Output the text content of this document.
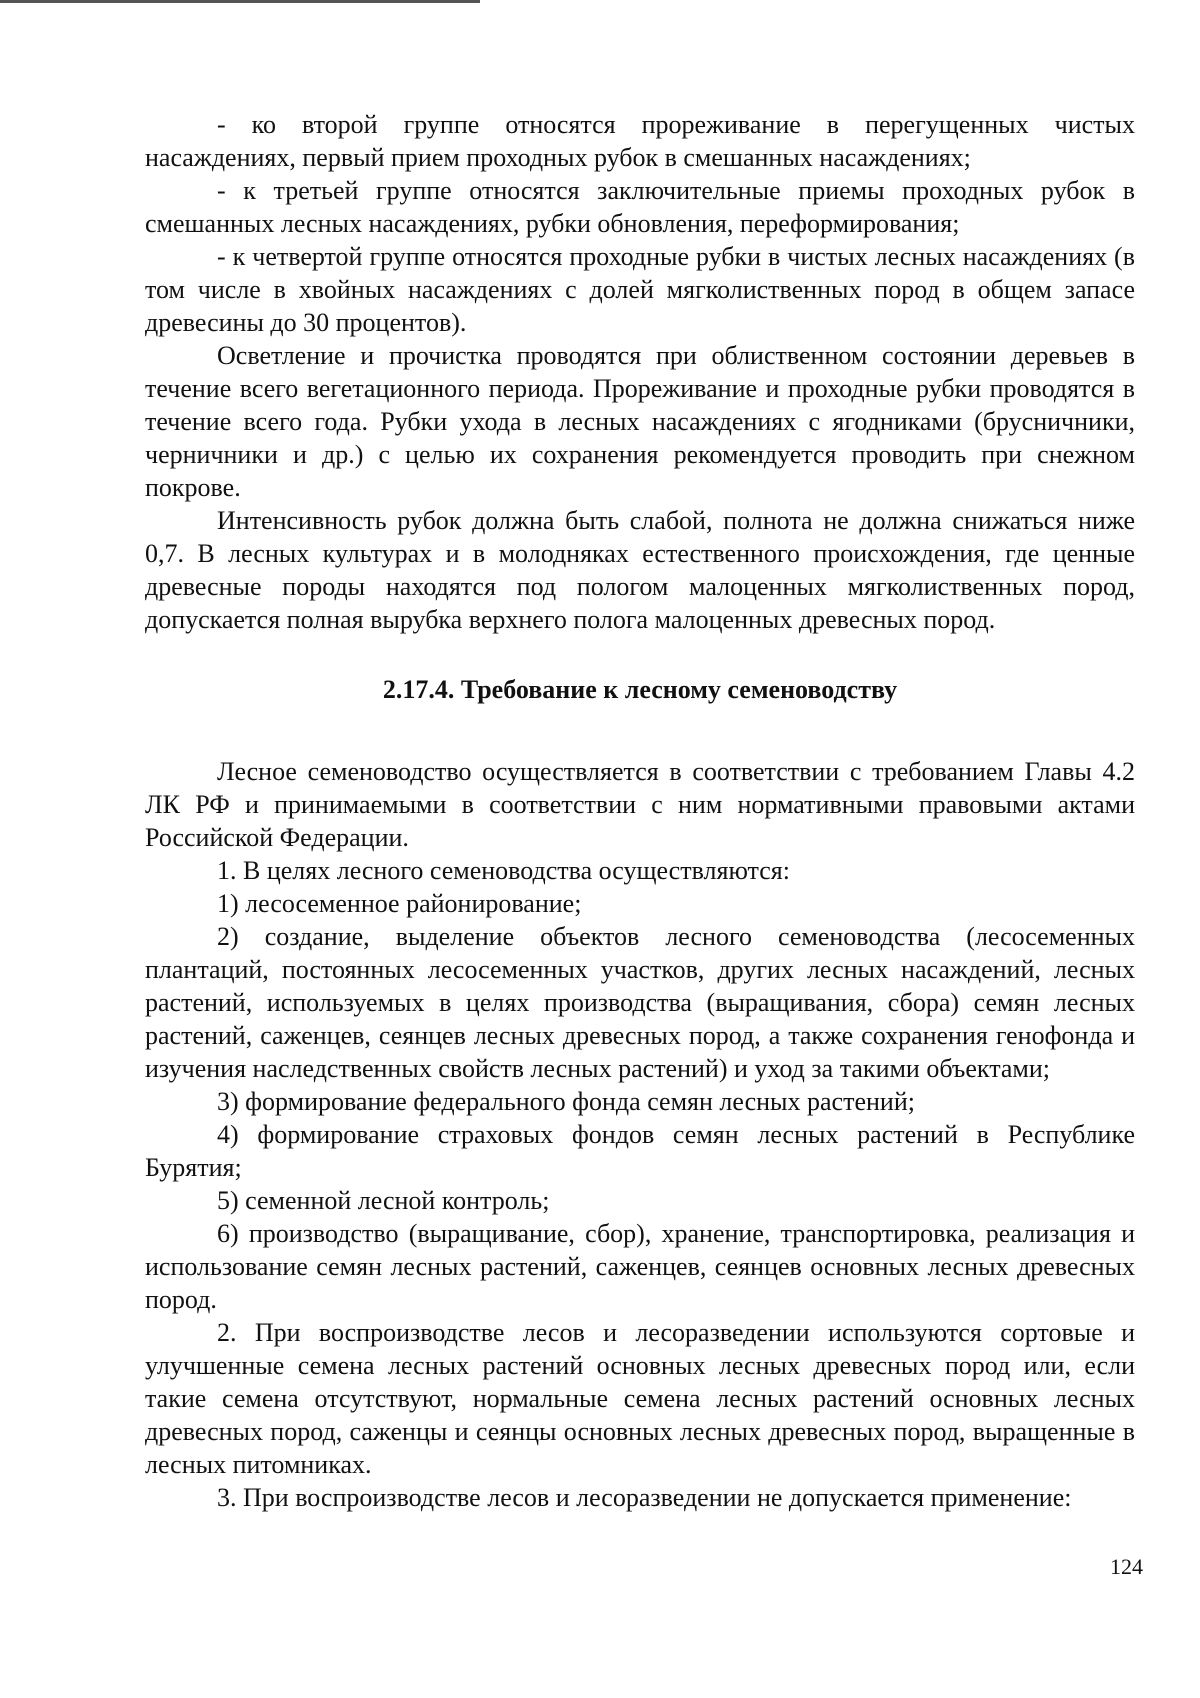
- ко второй группе относятся прореживание в перегущенных чистых насаждениях, первый прием проходных рубок в смешанных насаждениях;

- к третьей группе относятся заключительные приемы проходных рубок в смешанных лесных насаждениях, рубки обновления, переформирования;

- к четвертой группе относятся проходные рубки в чистых лесных насаждениях (в том числе в хвойных насаждениях с долей мягколиственных пород в общем запасе древесины до 30 процентов).

Осветление и прочистка проводятся при облиственном состоянии деревьев в течение всего вегетационного периода. Прореживание и проходные рубки проводятся в течение всего года. Рубки ухода в лесных насаждениях с ягодниками (брусничники, черничники и др.) с целью их сохранения рекомендуется проводить при снежном покрове.

Интенсивность рубок должна быть слабой, полнота не должна снижаться ниже 0,7. В лесных культурах и в молодняках естественного происхождения, где ценные древесные породы находятся под пологом малоценных мягколиственных пород, допускается полная вырубка верхнего полога малоценных древесных пород.

2.17.4. Требование к лесному семеноводству

Лесное семеноводство осуществляется в соответствии с требованием Главы 4.2 ЛК РФ и принимаемыми в соответствии с ним нормативными правовыми актами Российской Федерации.

1. В целях лесного семеноводства осуществляются:

1) лесосеменное районирование;

2) создание, выделение объектов лесного семеноводства (лесосеменных плантаций, постоянных лесосеменных участков, других лесных насаждений, лесных растений, используемых в целях производства (выращивания, сбора) семян лесных растений, саженцев, сеянцев лесных древесных пород, а также сохранения генофонда и изучения наследственных свойств лесных растений) и уход за такими объектами;

3) формирование федерального фонда семян лесных растений;

4) формирование страховых фондов семян лесных растений в Республике Бурятия;

5) семенной лесной контроль;

6) производство (выращивание, сбор), хранение, транспортировка, реализация и использование семян лесных растений, саженцев, сеянцев основных лесных древесных пород.

2. При воспроизводстве лесов и лесоразведении используются сортовые и улучшенные семена лесных растений основных лесных древесных пород или, если такие семена отсутствуют, нормальные семена лесных растений основных лесных древесных пород, саженцы и сеянцы основных лесных древесных пород, выращенные в лесных питомниках.

3. При воспроизводстве лесов и лесоразведении не допускается применение:

124
